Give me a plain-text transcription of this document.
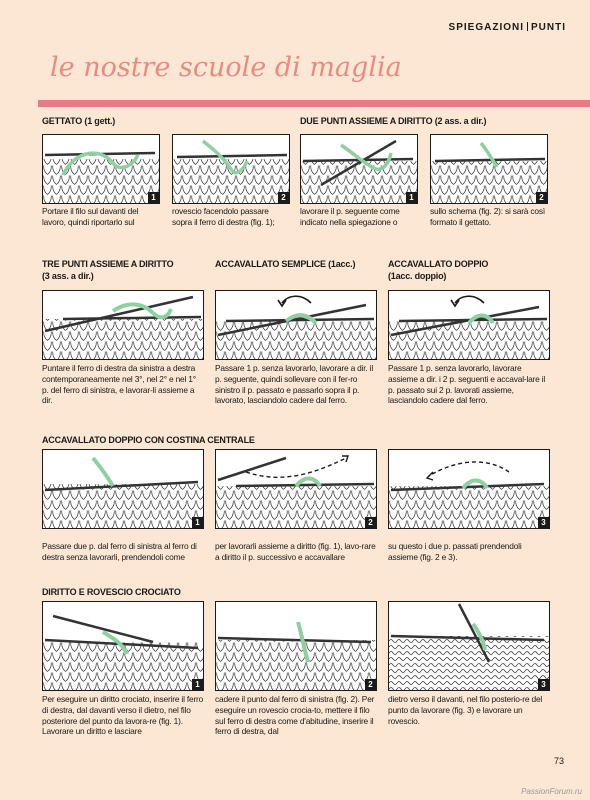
SPIEGAZIONI PUNTI
le nostre scuole di maglia
GETTATO (1 gett.)	DUE PUNTI ASSIEME A DIRITTO (2 ass. a dir.)
1	2	1	2
Portare il filo sul davanti del lavoro, quindi riportarlo sul
rovescio facendolo passare sopra il ferro di destra (fig. 1);
lavorare il p. seguente come indicato nella spiegazione o
sullo schema (fig. 2): si sarà così formato il gettato.
TRE PUNTI ASSIEME A DIRITTO
(3 ass. a dir.)
ACCAVALLATO SEMPLICE (1acc.)	ACCAVALLATO DOPPIO
(1acc. doppio)
Puntare il ferro di destra da sinistra a destra contemporaneamente nel 3°, nel 2° e nel 1° p. del ferro di sinistra, e lavorar-li assieme a dir.
Passare 1 p. senza lavorarlo, lavorare a dir. il p. seguente, quindi sollevare con il fer-ro sinistro il p. passato e passarlo sopra il p. lavorato, lasciandolo cadere dal ferro.
Passare 1 p. senza lavorarlo, lavorare assieme a dir. i 2 p. seguenti e accaval-lare il p. passato sui 2 p. lavorati assieme, lasciandolo cadere dal ferro.
ACCAVALLATO DOPPIO CON COSTINA CENTRALE
1	2	3
Passare due p. dal ferro di sinistra al ferro di destra senza lavorarli, prendendoli come
per lavorarli assieme a diritto (fig. 1), lavo-rare a diritto il p. successivo e accavallare
su questo i due p. passati prendendoli assieme (fig. 2 e 3).
DIRITTO E ROVESCIO CROCIATO
1	2	3
Per eseguire un diritto crociato, inserire il ferro di destra, dal davanti verso il dietro, nel filo posteriore del punto da lavora-re (fig. 1). Lavorare un diritto e lasciare
cadere il punto dal ferro di sinistra (fig. 2). Per eseguire un rovescio crocia-to, mettere il filo sul ferro di destra come d'abitudine, inserire il ferro di destra, dal
dietro verso il davanti, nel filo posterio-re del punto da lavorare (fig. 3) e lavorare un rovescio.
73
PassionForum.ru
